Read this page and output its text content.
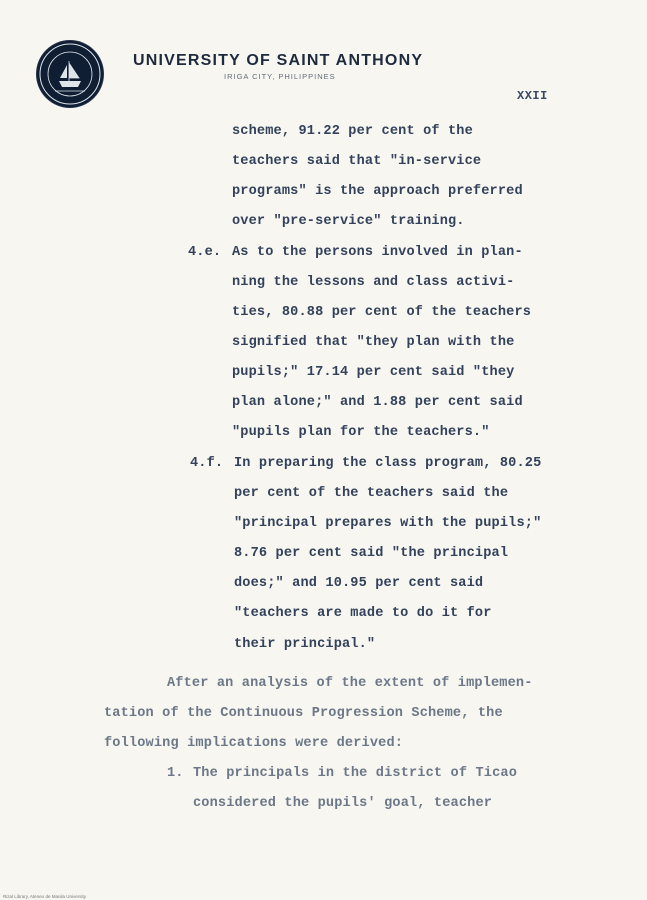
UNIVERSITY OF SAINT ANTHONY
IRIGA CITY, PHILIPPINES
XXII
scheme, 91.22 per cent of the
teachers said that "in-service
programs" is the approach preferred
over "pre-service" training.
4.e. As to the persons involved in plan-
ning the lessons and class activi-
ties, 80.88 per cent of the teachers
signified that "they plan with the
pupils;" 17.14 per cent said "they
plan alone;" and 1.88 per cent said
"pupils plan for the teachers."
4.f. In preparing the class program, 80.25
per cent of the teachers said the
"principal prepares with the pupils;"
8.76 per cent said "the principal
does;" and 10.95 per cent said
"teachers are made to do it for
their principal."
After an analysis of the extent of implemen-
tation of the Continuous Progression Scheme, the
following implications were derived:
1. The principals in the district of Ticao
considered the pupils' goal, teacher
Rizal Library, Ateneo de Manila University
